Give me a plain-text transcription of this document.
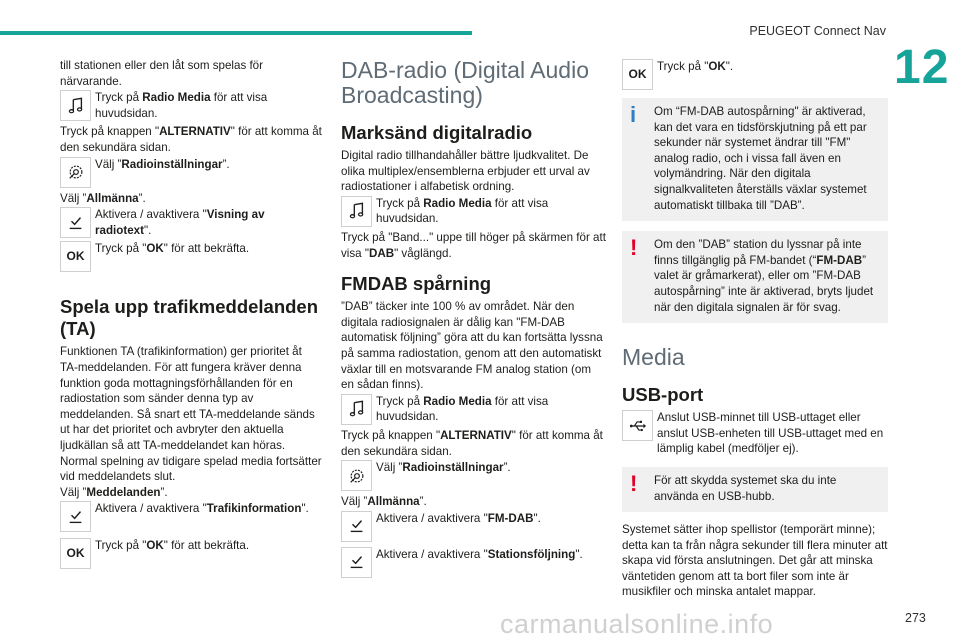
PEUGEOT Connect Nav
12

till stationen eller den låt som spelas för närvarande.

Tryck på Radio Media för att visa huvudsidan.

Tryck på knappen "ALTERNATIV" för att komma åt den sekundära sidan.

Välj ”Radioinställningar”.

Välj ”Allmänna”.

Aktivera / avaktivera "Visning av radiotext".
OK
Tryck på "OK" för att bekräfta.
Spela upp trafikmeddelanden (TA)

Funktionen TA (trafikinformation) ger prioritet åt TA-meddelanden. För att fungera kräver denna funktion goda mottagningsförhållanden för en radiostation som sänder denna typ av meddelanden. Så snart ett TA-meddelande sänds ut har det prioritet och avbryter den aktuella ljudkällan så att TA-meddelandet kan höras. Normal spelning av tidigare spelad media fortsätter vid meddelandets slut.

Välj ”Meddelanden”.

Aktivera / avaktivera "Trafikinformation".
OK
Tryck på "OK" för att bekräfta.
DAB-radio (Digital Audio Broadcasting)
Marksänd digitalradio

Digital radio tillhandahåller bättre ljudkvalitet. De olika multiplex/ensemblerna erbjuder ett urval av radiostationer i alfabetisk ordning.

Tryck på Radio Media för att visa huvudsidan.

Tryck på "Band..." uppe till höger på skärmen för att visa "DAB" våglängd.

FMDAB spårning

”DAB” täcker inte 100 % av området. När den digitala radiosignalen är dålig kan "FM-DAB automatisk följning” göra att du kan fortsätta lyssna på samma radiostation, genom att den automatiskt växlar till en motsvarande FM analog station (om en sådan finns).

Tryck på Radio Media för att visa huvudsidan.

Tryck på knappen "ALTERNATIV" för att komma åt den sekundära sidan.

Välj ”Radioinställningar”.

Välj ”Allmänna”.

Aktivera / avaktivera "FM-DAB".
Aktivera / avaktivera "Stationsföljning".
OK
Tryck på "OK".
i	Om “FM-DAB autospårning" är aktiverad, kan det vara en tidsförskjutning på ett par sekunder när systemet ändrar till "FM" analog radio, och i vissa fall även en volymändring. När den digitala signalkvaliteten återställs växlar systemet automatiskt tillbaka till ”DAB”.
!	Om den ”DAB” station du lyssnar på inte finns tillgänglig på FM-bandet (“FM-DAB” valet är gråmarkerat), eller om ”FM-DAB autospårning” inte är aktiverad, bryts ljudet när den digitala signalen är för svag.
Media
USB-port
Anslut USB-minnet till USB-uttaget eller anslut USB-enheten till USB-uttaget med en lämplig kabel (medföljer ej).
!	För att skydda systemet ska du inte använda en USB-hubb.

Systemet sätter ihop spellistor (temporärt minne); detta kan ta från några sekunder till flera minuter att skapa vid första anslutningen. Det går att minska väntetiden genom att ta bort filer som inte är musikfiler och minska antalet mappar.

carmanualsonline.info	273
